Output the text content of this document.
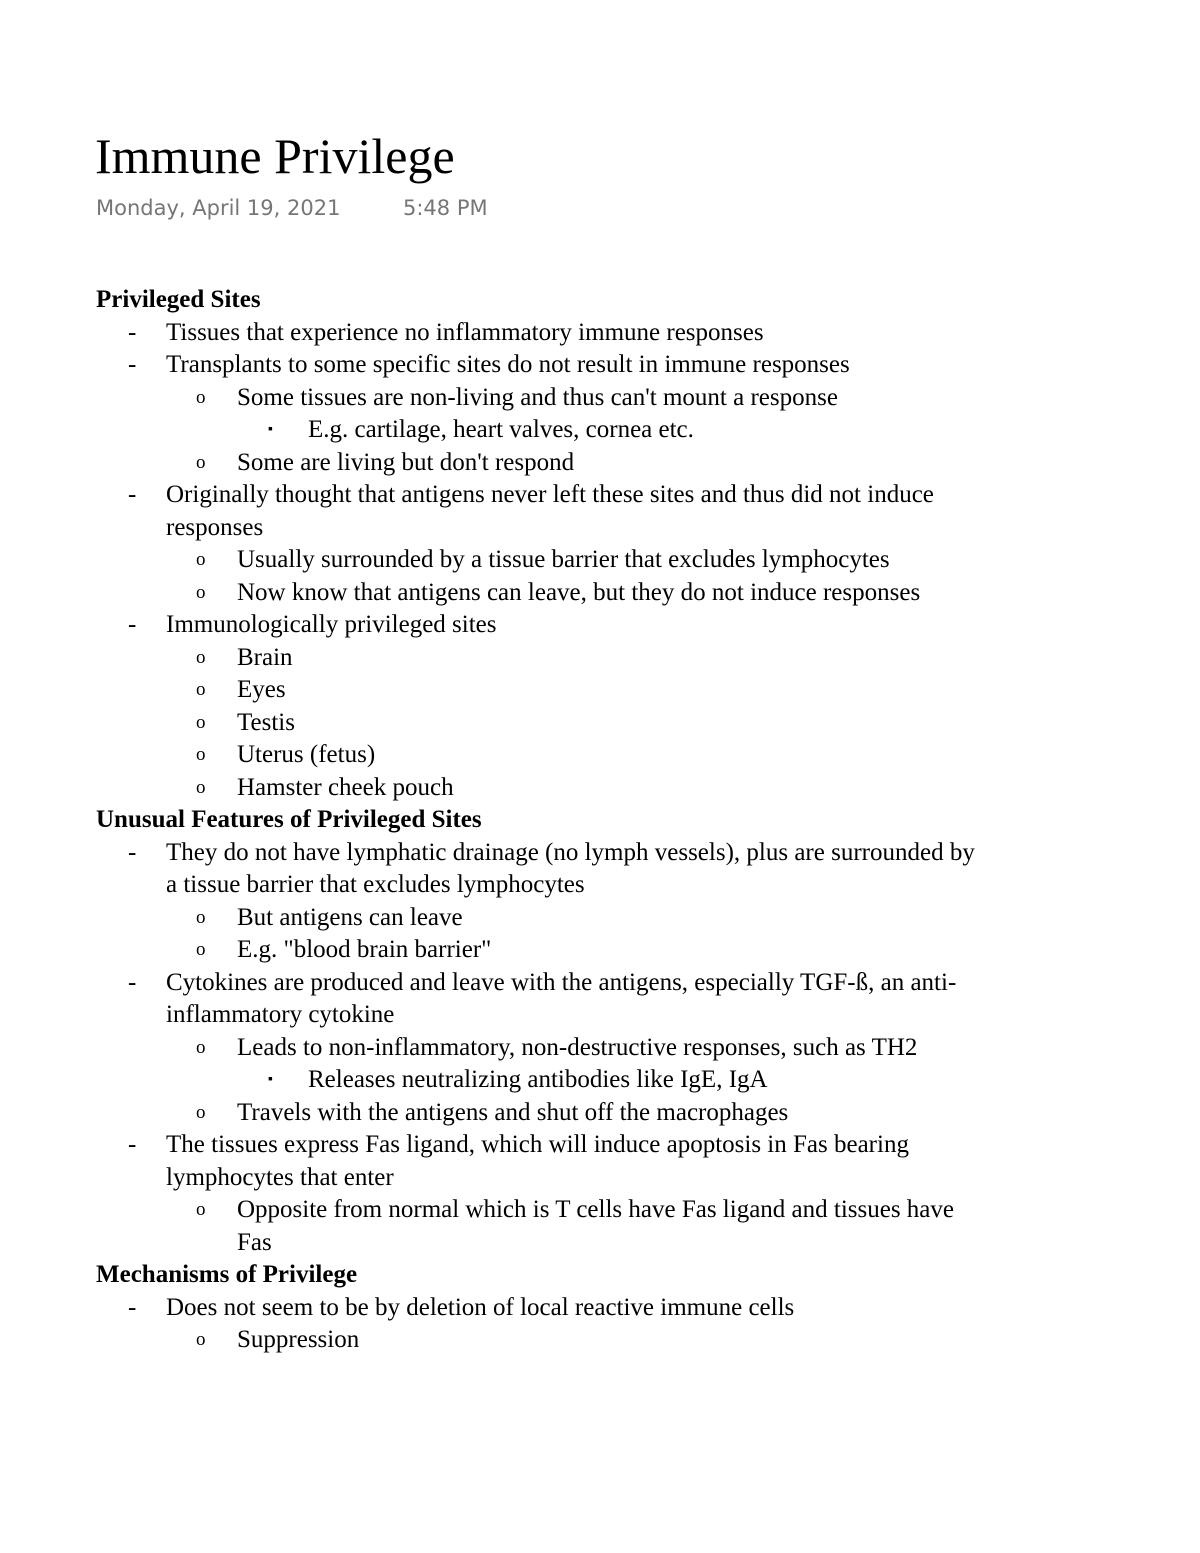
Immune Privilege
Monday, April 19, 2021	5:48 PM
Privileged Sites
- Tissues that experience no inflammatory immune responses
- Transplants to some specific sites do not result in immune responses
o Some tissues are non-living and thus can't mount a response
▪ E.g. cartilage, heart valves, cornea etc.
o Some are living but don't respond
- Originally thought that antigens never left these sites and thus did not induce responses
o Usually surrounded by a tissue barrier that excludes lymphocytes
o Now know that antigens can leave, but they do not induce responses
- Immunologically privileged sites
o Brain
o Eyes
o Testis
o Uterus (fetus)
o Hamster cheek pouch
Unusual Features of Privileged Sites
- They do not have lymphatic drainage (no lymph vessels), plus are surrounded by a tissue barrier that excludes lymphocytes
o But antigens can leave
o E.g. "blood brain barrier"
- Cytokines are produced and leave with the antigens, especially TGF-ß, an anti-inflammatory cytokine
o Leads to non-inflammatory, non-destructive responses, such as TH2
▪ Releases neutralizing antibodies like IgE, IgA
o Travels with the antigens and shut off the macrophages
- The tissues express Fas ligand, which will induce apoptosis in Fas bearing lymphocytes that enter
o Opposite from normal which is T cells have Fas ligand and tissues have Fas
Mechanisms of Privilege
- Does not seem to be by deletion of local reactive immune cells
o Suppression
